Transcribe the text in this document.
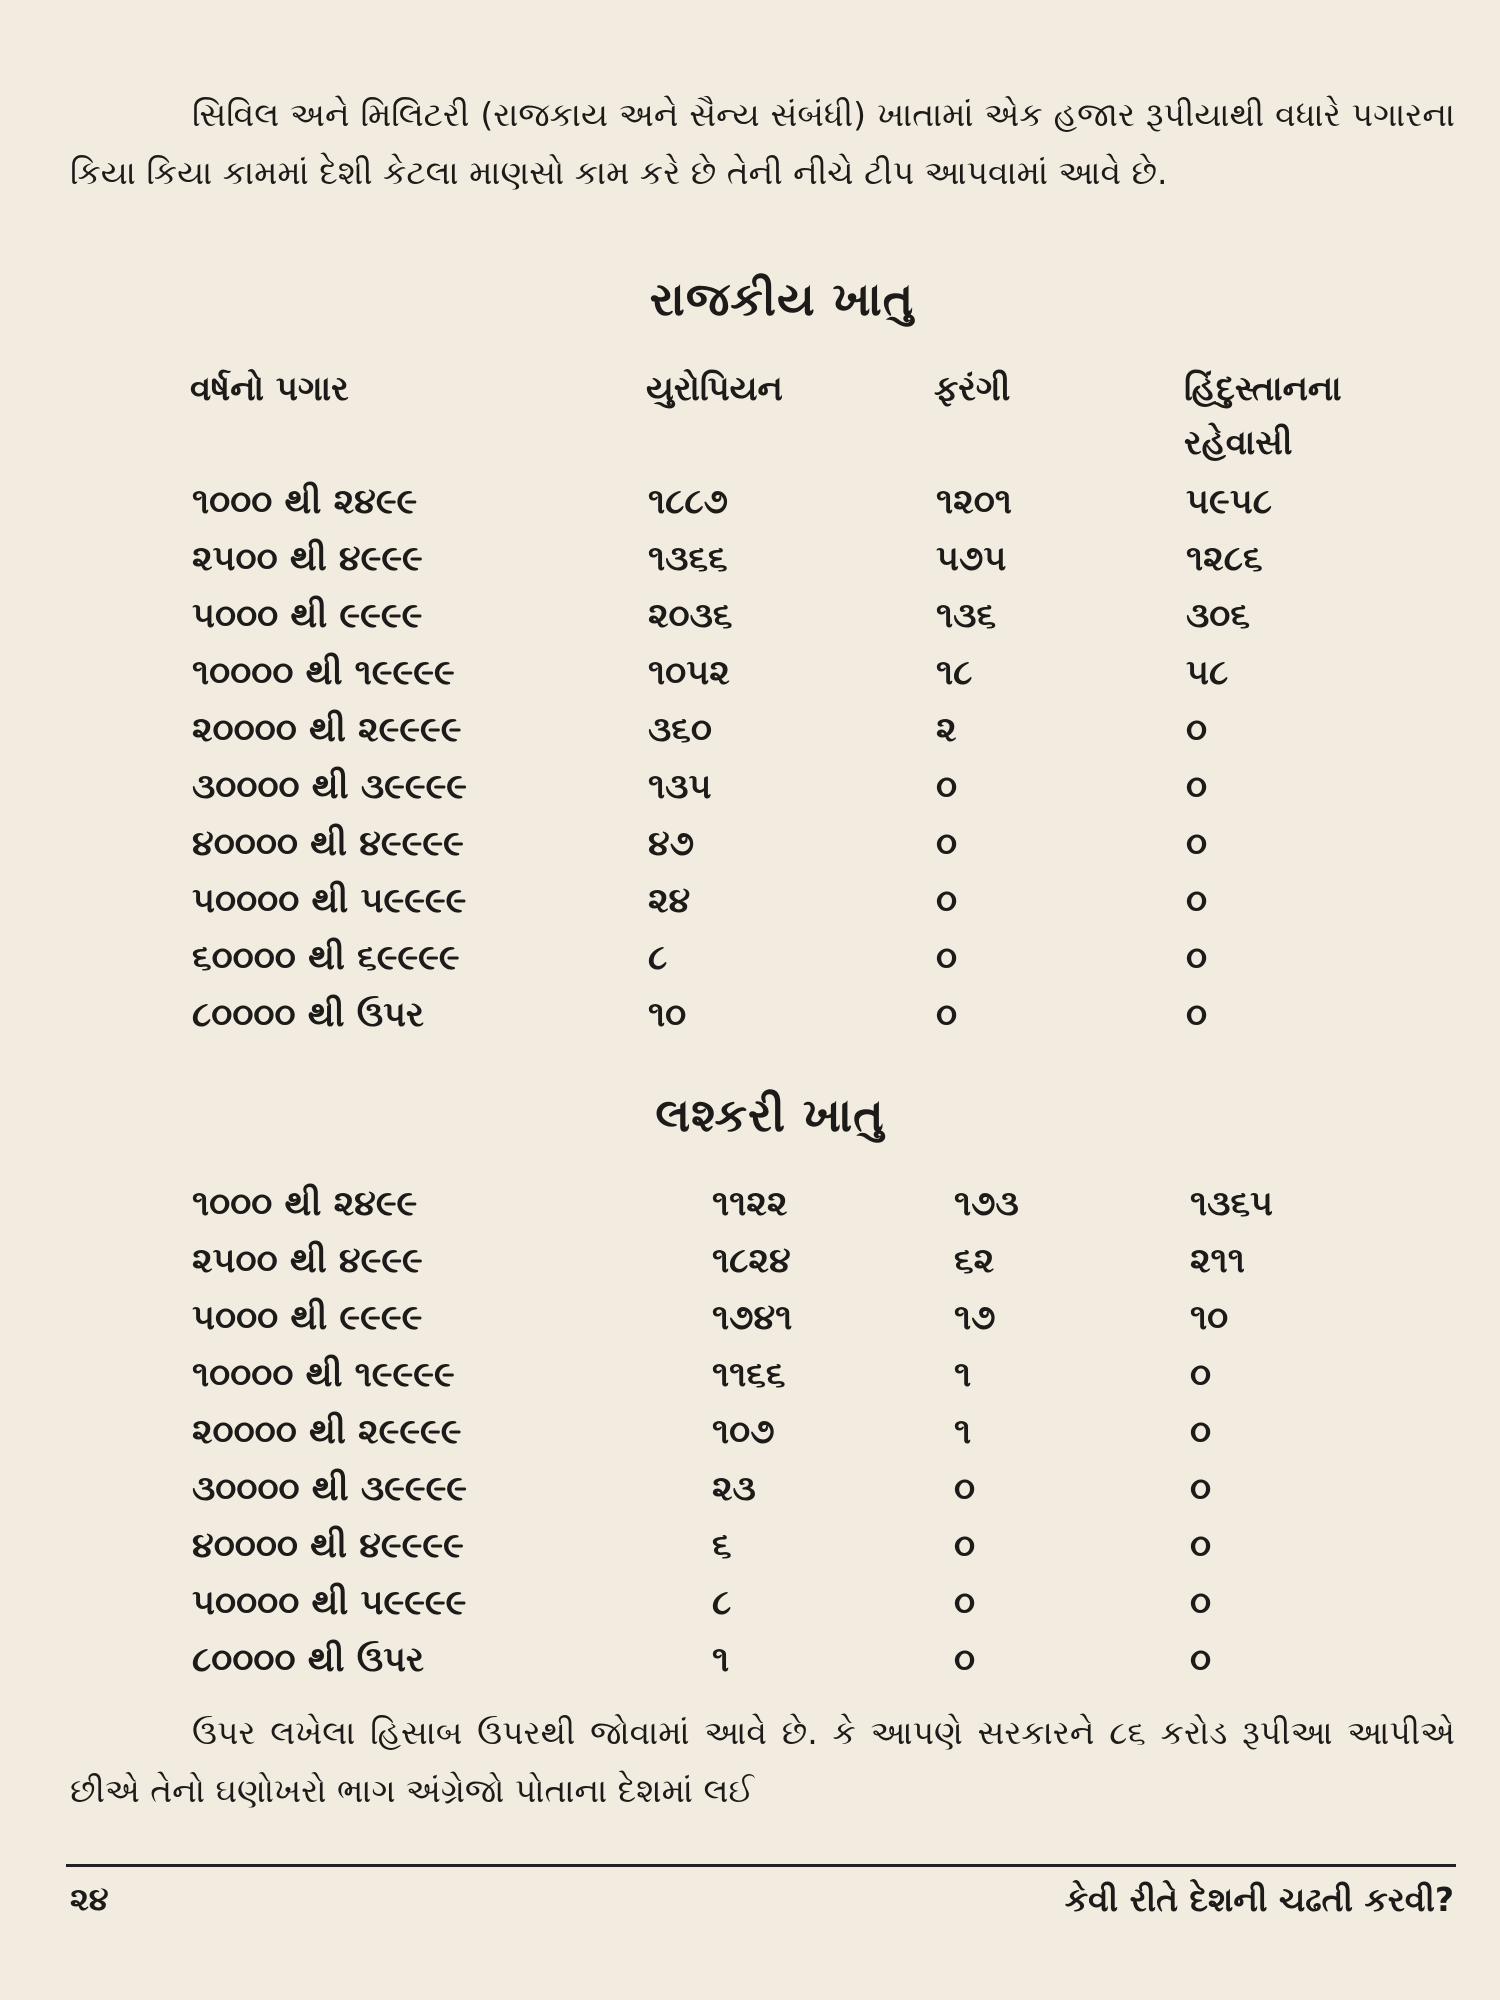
સિવિલ અને મિલિટરી (રાજકાય અને સૈન્ય સંબંધી) ખાતામાં એક હજાર રૂપીયાથી વધારે પગારના કિયા કિયા કામમાં દેશી કેટલા માણસો કામ કરે છે તેની નીચે ટીપ આપવામાં આવે છે.

રાજકીય ખાતુ
વર્ષનો પગાર	યુરોપિયન	ફરંગી	હિંદુસ્તાનના રહેવાસી
૧૦૦૦ થી ૨૪૯૯	૧૮૮૭	૧૨૦૧	૫૯૫૮
૨૫૦૦ થી ૪૯૯૯	૧૩૬૬	૫૭૫	૧૨૮૬
૫૦૦૦ થી ૯૯૯૯	૨૦૩૬	૧૩૬	૩૦૬
૧૦૦૦૦ થી ૧૯૯૯૯	૧૦૫૨	૧૮	૫૮
૨૦૦૦૦ થી ૨૯૯૯૯	૩૬૦	૨	૦
૩૦૦૦૦ થી ૩૯૯૯૯	૧૩૫	૦	૦
૪૦૦૦૦ થી ૪૯૯૯૯	૪૭	૦	૦
૫૦૦૦૦ થી ૫૯૯૯૯	૨૪	૦	૦
૬૦૦૦૦ થી ૬૯૯૯૯	૮	૦	૦
૮૦૦૦૦ થી ઉપર	૧૦	૦	૦
લશ્કરી ખાતુ
૧૦૦૦ થી ૨૪૯૯	૧૧૨૨	૧૭૩	૧૩૬૫
૨૫૦૦ થી ૪૯૯૯	૧૮૨૪	૬૨	૨૧૧
૫૦૦૦ થી ૯૯૯૯	૧૭૪૧	૧૭	૧૦
૧૦૦૦૦ થી ૧૯૯૯૯	૧૧૬૬	૧	૦
૨૦૦૦૦ થી ૨૯૯૯૯	૧૦૭	૧	૦
૩૦૦૦૦ થી ૩૯૯૯૯	૨૩	૦	૦
૪૦૦૦૦ થી ૪૯૯૯૯	૬	૦	૦
૫૦૦૦૦ થી ૫૯૯૯૯	૮	૦	૦
૮૦૦૦૦ થી ઉપર	૧	૦	૦

ઉપર લખેલા હિસાબ ઉપરથી જોવામાં આવે છે. કે આપણે સરકારને ૮૬ કરોડ રૂપીઆ આપીએ છીએ તેનો ઘણોખરો ભાગ અંગ્રેજો પોતાના દેશમાં લઈ

૨૪	કેવી રીતે દેશની ચઢતી કરવી?
